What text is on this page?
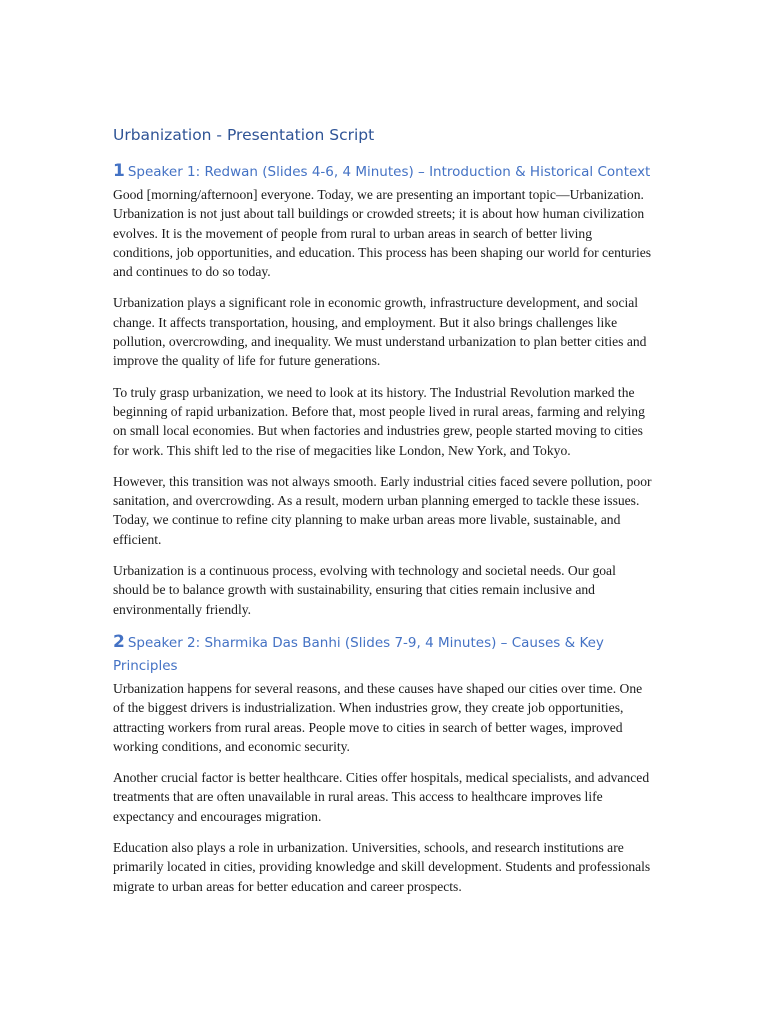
Urbanization - Presentation Script
1 Speaker 1: Redwan (Slides 4-6, 4 Minutes) – Introduction & Historical Context

Good [morning/afternoon] everyone. Today, we are presenting an important topic—Urbanization. Urbanization is not just about tall buildings or crowded streets; it is about how human civilization evolves. It is the movement of people from rural to urban areas in search of better living conditions, job opportunities, and education. This process has been shaping our world for centuries and continues to do so today.

Urbanization plays a significant role in economic growth, infrastructure development, and social change. It affects transportation, housing, and employment. But it also brings challenges like pollution, overcrowding, and inequality. We must understand urbanization to plan better cities and improve the quality of life for future generations.

To truly grasp urbanization, we need to look at its history. The Industrial Revolution marked the beginning of rapid urbanization. Before that, most people lived in rural areas, farming and relying on small local economies. But when factories and industries grew, people started moving to cities for work. This shift led to the rise of megacities like London, New York, and Tokyo.

However, this transition was not always smooth. Early industrial cities faced severe pollution, poor sanitation, and overcrowding. As a result, modern urban planning emerged to tackle these issues. Today, we continue to refine city planning to make urban areas more livable, sustainable, and efficient.

Urbanization is a continuous process, evolving with technology and societal needs. Our goal should be to balance growth with sustainability, ensuring that cities remain inclusive and environmentally friendly.

2 Speaker 2: Sharmika Das Banhi (Slides 7-9, 4 Minutes) – Causes & Key Principles

Urbanization happens for several reasons, and these causes have shaped our cities over time. One of the biggest drivers is industrialization. When industries grow, they create job opportunities, attracting workers from rural areas. People move to cities in search of better wages, improved working conditions, and economic security.

Another crucial factor is better healthcare. Cities offer hospitals, medical specialists, and advanced treatments that are often unavailable in rural areas. This access to healthcare improves life expectancy and encourages migration.

Education also plays a role in urbanization. Universities, schools, and research institutions are primarily located in cities, providing knowledge and skill development. Students and professionals migrate to urban areas for better education and career prospects.
